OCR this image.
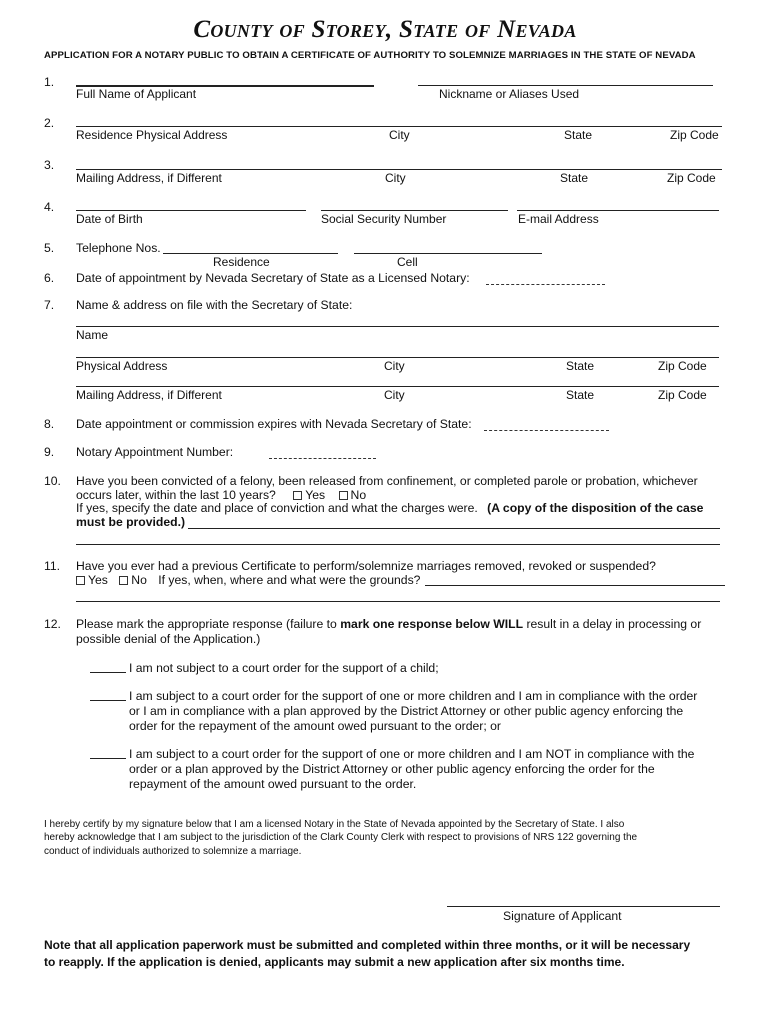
County of Storey, State of Nevada
APPLICATION FOR A NOTARY PUBLIC TO OBTAIN A CERTIFICATE OF AUTHORITY TO SOLEMNIZE MARRIAGES IN THE STATE OF NEVADA
1.
Full Name of Applicant	Nickname or Aliases Used
2.
Residence Physical Address	City	State	Zip Code
3.
Mailing Address, if Different	City	State	Zip Code
4.
Date of Birth	Social Security Number	E-mail Address
5.	Telephone Nos.
Residence	Cell
6.	Date of appointment by Nevada Secretary of State as a Licensed Notary:
7.	Name & address on file with the Secretary of State:
Name
Physical Address	City	State	Zip Code
Mailing Address, if Different	City	State	Zip Code
8.	Date appointment or commission expires with Nevada Secretary of State:
9.	Notary Appointment Number:
10. Have you been convicted of a felony, been released from confinement, or completed parole or probation, whichever
occurs later, within the last 10 years? Yes No
If yes, specify the date and place of conviction and what the charges were. (A copy of the disposition of the case
must be provided.)
11.	Have you ever had a previous Certificate to perform/solemnize marriages removed, revoked or suspended?
Yes No If yes, when, where and what were the grounds?
12. Please mark the appropriate response (failure to mark one response below WILL result in a delay in processing or
possible denial of the Application.)
I am not subject to a court order for the support of a child;
I am subject to a court order for the support of one or more children and I am in compliance with the order
or I am in compliance with a plan approved by the District Attorney or other public agency enforcing the
order for the repayment of the amount owed pursuant to the order; or
I am subject to a court order for the support of one or more children and I am NOT in compliance with the
order or a plan approved by the District Attorney or other public agency enforcing the order for the
repayment of the amount owed pursuant to the order.
I hereby certify by my signature below that I am a licensed Notary in the State of Nevada appointed by the Secretary of State. I also
hereby acknowledge that I am subject to the jurisdiction of the Clark County Clerk with respect to provisions of NRS 122 governing the
conduct of individuals authorized to solemnize a marriage.
Signature of Applicant
Note that all application paperwork must be submitted and completed within three months, or it will be necessary
to reapply. If the application is denied, applicants may submit a new application after six months time.
